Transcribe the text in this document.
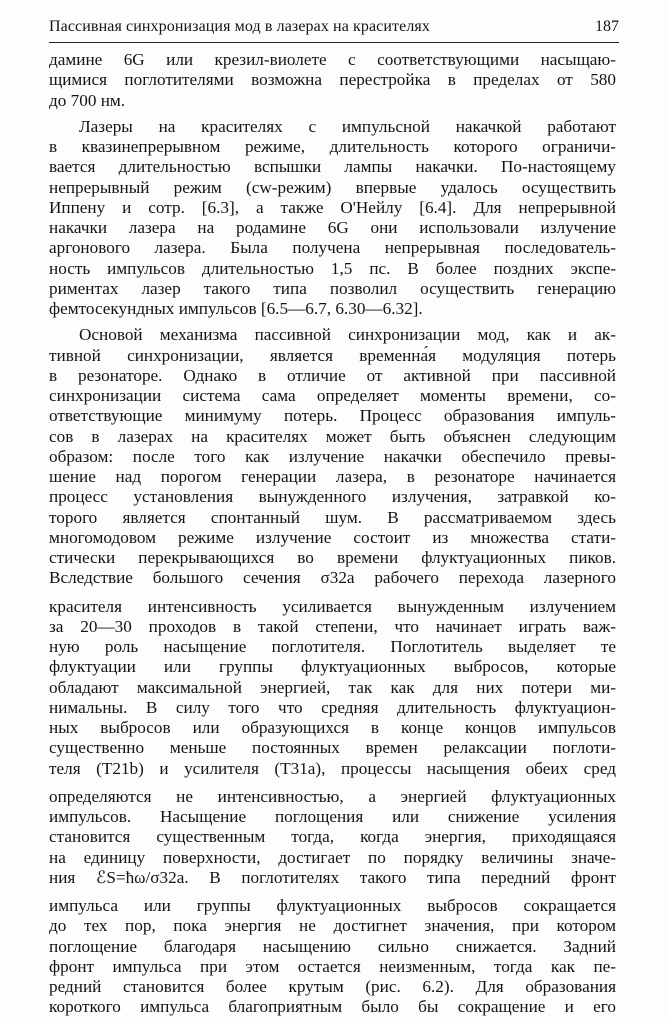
Пассивная синхронизация мод в лазерах на красителях	187
дамине 6G или крезил-виолете с соответствующими насыщаю-
щимися поглотителями возможна перестройка в пределах от 580
до 700 нм.
Лазеры на красителях с импульсной накачкой работают
в квазинепрерывном режиме, длительность которого ограничи-
вается длительностью вспышки лампы накачки. По-настоящему
непрерывный режим (cw-режим) впервые удалось осуществить
Иппену и сотр. [6.3], а также О'Нейлу [6.4]. Для непрерывной
накачки лазера на родамине 6G они использовали излучение
аргонового лазера. Была получена непрерывная последователь-
ность импульсов длительностью 1,5 пс. В более поздних экспе-
риментах лазер такого типа позволил осуществить генерацию
фемтосекундных импульсов [6.5—6.7, 6.30—6.32].
Основой механизма пассивной синхронизации мод, как и ак-
тивной синхронизации, является временна́я модуляция потерь
в резонаторе. Однако в отличие от активной при пассивной
синхронизации система сама определяет моменты времени, со-
ответствующие минимуму потерь. Процесс образования импуль-
сов в лазерах на красителях может быть объяснен следующим
образом: после того как излучение накачки обеспечило превы-
шение над порогом генерации лазера, в резонаторе начинается
процесс установления вынужденного излучения, затравкой ко-
торого является спонтанный шум. В рассматриваемом здесь
многомодовом режиме излучение состоит из множества стати-
стически перекрывающихся во времени флуктуационных пиков.
Вследствие большого сечения σ32a рабочего перехода лазерного
красителя интенсивность усиливается вынужденным излучением
за 20—30 проходов в такой степени, что начинает играть важ-
ную роль насыщение поглотителя. Поглотитель выделяет те
флуктуации или группы флуктуационных выбросов, которые
обладают максимальной энергией, так как для них потери ми-
нимальны. В силу того что средняя длительность флуктуацион-
ных выбросов или образующихся в конце концов импульсов
существенно меньше постоянных времен релаксации поглоти-
теля (T21b) и усилителя (T31a), процессы насыщения обеих сред
определяются не интенсивностью, а энергией флуктуационных
импульсов. Насыщение поглощения или снижение усиления
становится существенным тогда, когда энергия, приходящаяся
на единицу поверхности, достигает по порядку величины значе-
ния ℰS=ħω/σ32a. В поглотителях такого типа передний фронт
импульса или группы флуктуационных выбросов сокращается
до тех пор, пока энергия не достигнет значения, при котором
поглощение благодаря насыщению сильно снижается. Задний
фронт импульса при этом остается неизменным, тогда как пе-
редний становится более крутым (рис. 6.2). Для образования
короткого импульса благоприятным было бы сокращение и его
